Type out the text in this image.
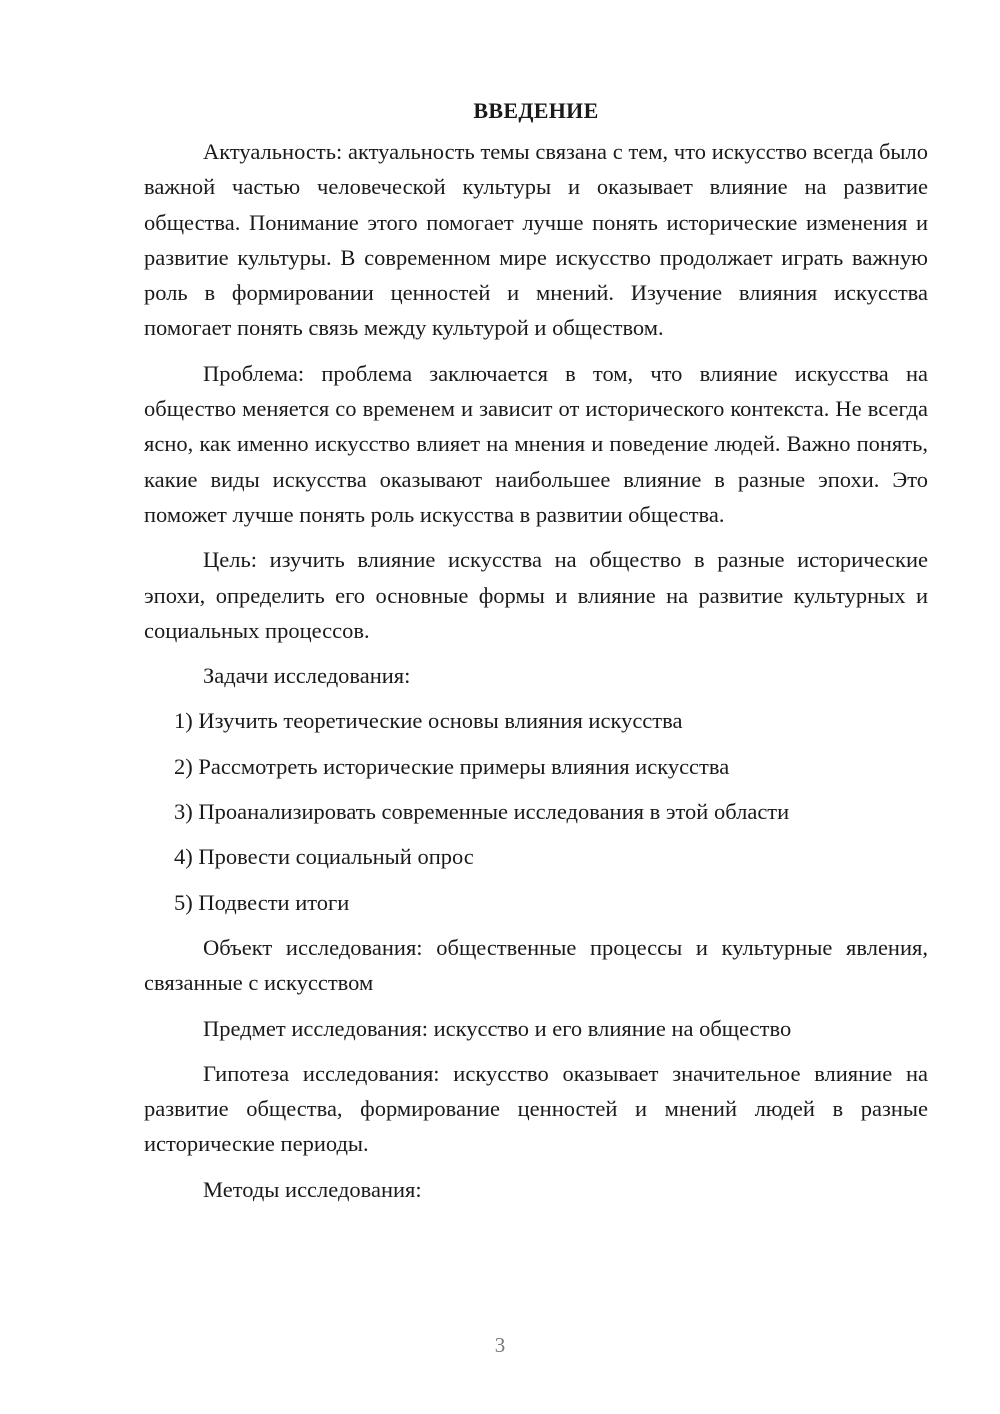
ВВЕДЕНИЕ

Актуальность: актуальность темы связана с тем, что искусство всегда было важной частью человеческой культуры и оказывает влияние на развитие общества. Понимание этого помогает лучше понять исторические изменения и развитие культуры. В современном мире искусство продолжает играть важную роль в формировании ценностей и мнений. Изучение влияния искусства помогает понять связь между культурой и обществом.

Проблема: проблема заключается в том, что влияние искусства на общество меняется со временем и зависит от исторического контекста. Не всегда ясно, как именно искусство влияет на мнения и поведение людей. Важно понять, какие виды искусства оказывают наибольшее влияние в разные эпохи. Это поможет лучше понять роль искусства в развитии общества.

Цель: изучить влияние искусства на общество в разные исторические эпохи, определить его основные формы и влияние на развитие культурных и социальных процессов.

Задачи исследования:

1) Изучить теоретические основы влияния искусства

2) Рассмотреть исторические примеры влияния искусства

3) Проанализировать современные исследования в этой области

4) Провести социальный опрос

5) Подвести итоги

Объект исследования: общественные процессы и культурные явления, связанные с искусством

Предмет исследования: искусство и его влияние на общество

Гипотеза исследования: искусство оказывает значительное влияние на развитие общества, формирование ценностей и мнений людей в разные исторические периоды.

Методы исследования:

3
